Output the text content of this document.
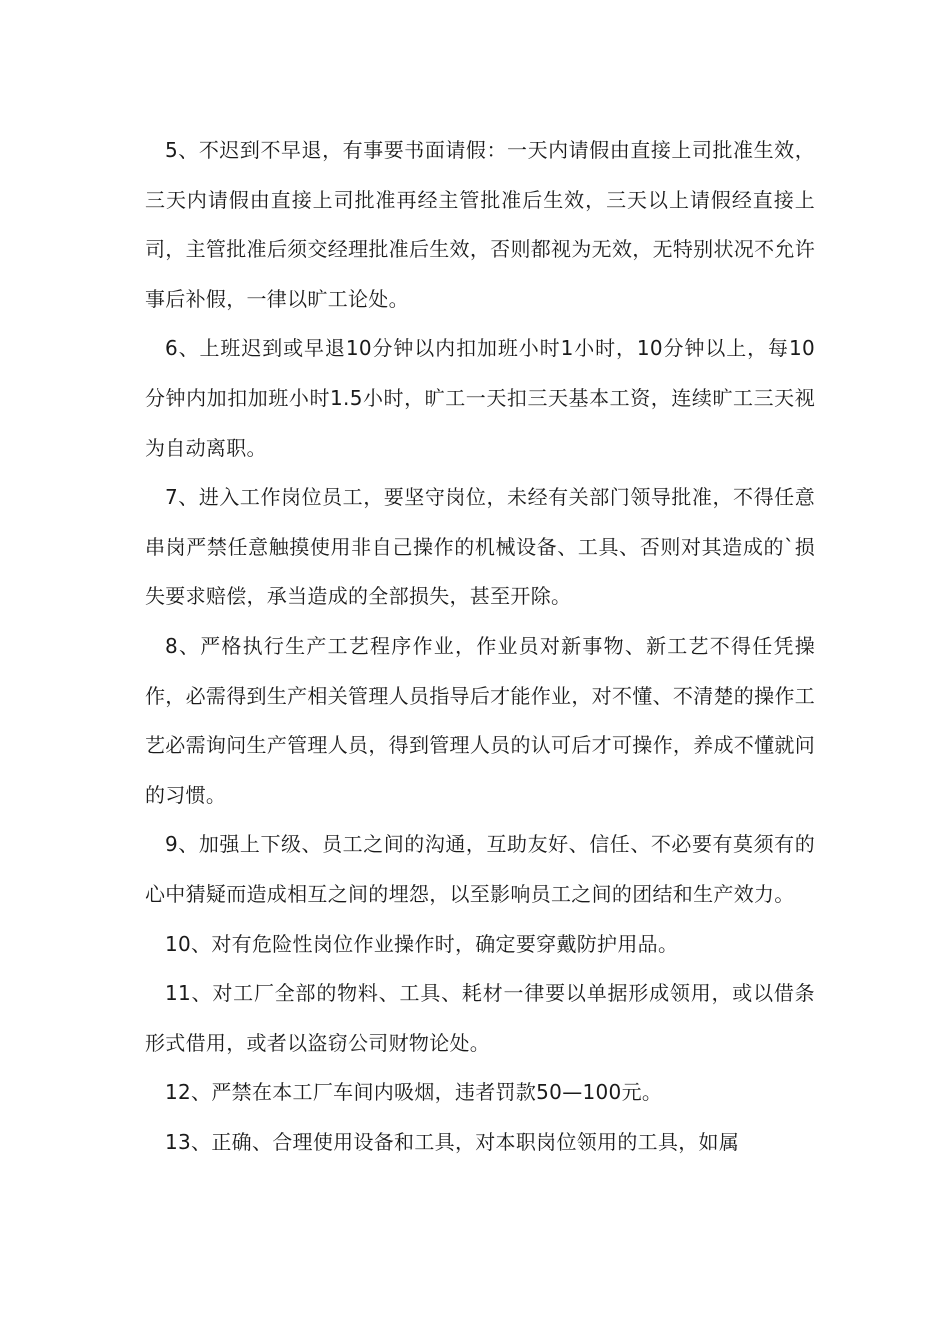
5、不迟到不早退，有事要书面请假：一天内请假由直接上司批准生效，三天内请假由直接上司批准再经主管批准后生效，三天以上请假经直接上司，主管批准后须交经理批准后生效，否则都视为无效，无特别状况不允许事后补假，一律以旷工论处。

6、上班迟到或早退10分钟以内扣加班小时1小时，10分钟以上，每10分钟内加扣加班小时1.5小时，旷工一天扣三天基本工资，连续旷工三天视为自动离职。

7、进入工作岗位员工，要坚守岗位，未经有关部门领导批准，不得任意串岗严禁任意触摸使用非自己操作的机械设备、工具、否则对其造成的`损失要求赔偿，承当造成的全部损失，甚至开除。

8、严格执行生产工艺程序作业，作业员对新事物、新工艺不得任凭操作，必需得到生产相关管理人员指导后才能作业，对不懂、不清楚的操作工艺必需询问生产管理人员，得到管理人员的认可后才可操作，养成不懂就问的习惯。

9、加强上下级、员工之间的沟通，互助友好、信任、不必要有莫须有的心中猜疑而造成相互之间的埋怨，以至影响员工之间的团结和生产效力。

10、对有危险性岗位作业操作时，确定要穿戴防护用品。

11、对工厂全部的物料、工具、耗材一律要以单据形成领用，或以借条形式借用，或者以盗窃公司财物论处。

12、严禁在本工厂车间内吸烟，违者罚款50—100元。

13、正确、合理使用设备和工具，对本职岗位领用的工具，如属
